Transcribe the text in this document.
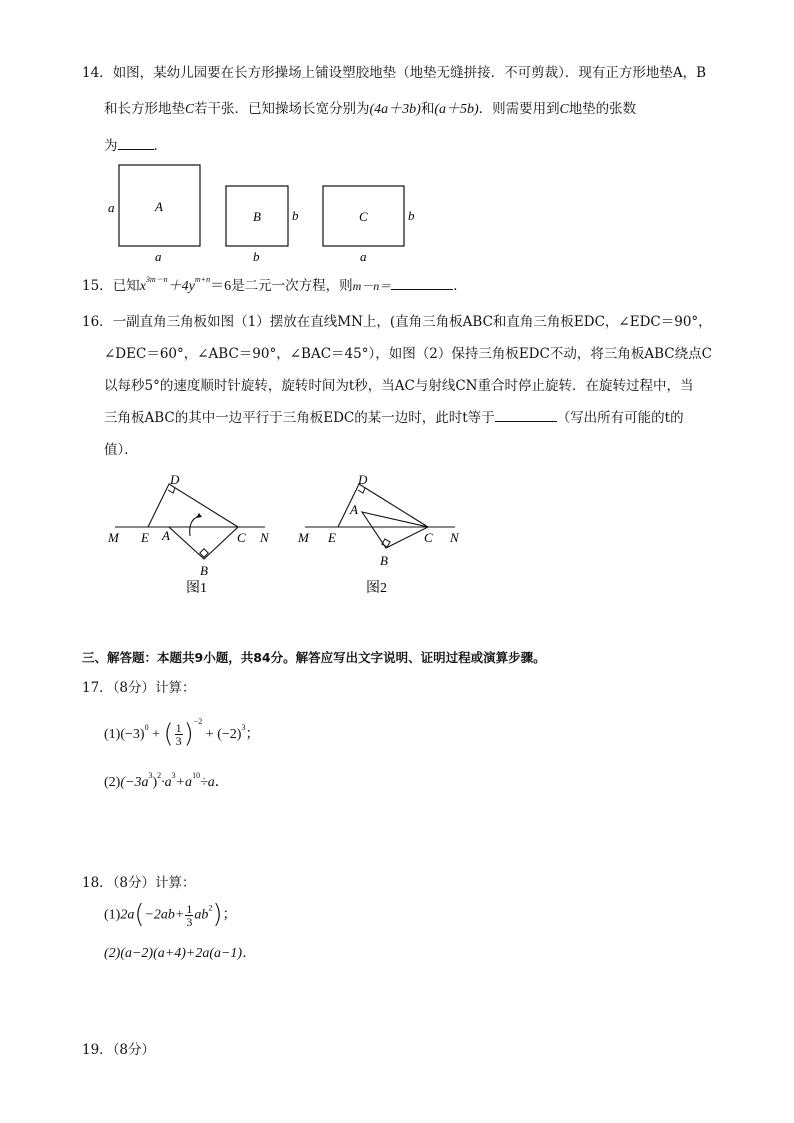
14．如图，某幼儿园要在长方形操场上铺设塑胶地垫（地垫无缝拼接．不可剪裁）．现有正方形地垫A，B
和长方形地垫C若干张．已知操场长宽分别为(4a＋3b)和(a＋5b)．则需要用到C地垫的张数
为	．
A
a
a
B b
b
C	b
a
15．已知$x^{3m-n}+4y^{m+n}=6$是二元一次方程，则m－n＝	．
16．一副直角三角板如图（1）摆放在直线MN上，(直角三角板ABC和直角三角板EDC，∠EDC＝90°，
∠DEC＝60°，∠ABC＝90°，∠BAC＝45°），如图（2）保持三角板EDC不动，将三角板ABC绕点C
以每秒5°的速度顺时针旋转，旋转时间为t秒，当AC与射线CN重合时停止旋转．在旋转过程中，当
三角板ABC的其中一边平行于三角板EDC的某一边时，此时t等于	（写出所有可能的t的
值）．
M E A	C N
D
B
图1
M E
A
C N
D
B
图2
三、解答题：本题共9小题，共84分。解答应写出文字说明、证明过程或演算步骤。
17．（8分）计算：
$(1)(-3)^0$ + ( $\frac{1}{3} )^{-2} + (-2)^3$；
$(2)(-3a^3)^2\cdot a^3+a^{10}\div a$．
18．（8分）计算：
$(1)2a(-2ab+ \frac{1}{3} ab^2)$；
(2)(a−2)(a+4)+2a(a−1)．
19．（8分）
